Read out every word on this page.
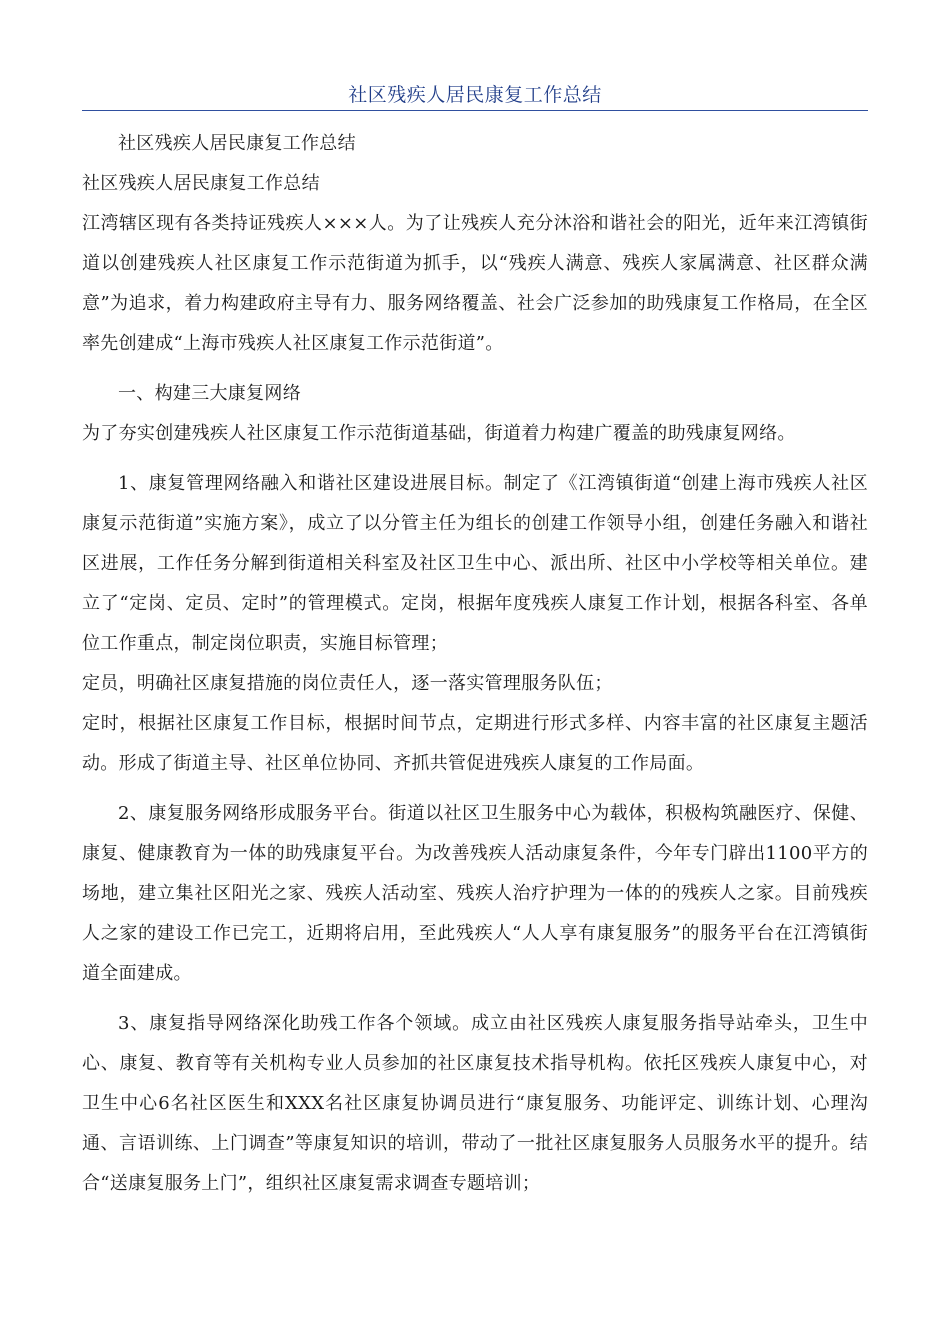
社区残疾人居民康复工作总结

社区残疾人居民康复工作总结

社区残疾人居民康复工作总结

江湾辖区现有各类持证残疾人×××人。为了让残疾人充分沐浴和谐社会的阳光，近年来江湾镇街道以创建残疾人社区康复工作示范街道为抓手，以“残疾人满意、残疾人家属满意、社区群众满意”为追求，着力构建政府主导有力、服务网络覆盖、社会广泛参加的助残康复工作格局，在全区率先创建成“上海市残疾人社区康复工作示范街道”。

一、构建三大康复网络

为了夯实创建残疾人社区康复工作示范街道基础，街道着力构建广覆盖的助残康复网络。

1、康复管理网络融入和谐社区建设进展目标。制定了《江湾镇街道“创建上海市残疾人社区康复示范街道”实施方案》，成立了以分管主任为组长的创建工作领导小组，创建任务融入和谐社区进展，工作任务分解到街道相关科室及社区卫生中心、派出所、社区中小学校等相关单位。建立了“定岗、定员、定时”的管理模式。定岗，根据年度残疾人康复工作计划，根据各科室、各单位工作重点，制定岗位职责，实施目标管理；

定员，明确社区康复措施的岗位责任人，逐一落实管理服务队伍；

定时，根据社区康复工作目标，根据时间节点，定期进行形式多样、内容丰富的社区康复主题活动。形成了街道主导、社区单位协同、齐抓共管促进残疾人康复的工作局面。

2、康复服务网络形成服务平台。街道以社区卫生服务中心为载体，积极构筑融医疗、保健、康复、健康教育为一体的助残康复平台。为改善残疾人活动康复条件，今年专门辟出1100平方的场地，建立集社区阳光之家、残疾人活动室、残疾人治疗护理为一体的的残疾人之家。目前残疾人之家的建设工作已完工，近期将启用，至此残疾人“人人享有康复服务”的服务平台在江湾镇街道全面建成。

3、康复指导网络深化助残工作各个领域。成立由社区残疾人康复服务指导站牵头，卫生中心、康复、教育等有关机构专业人员参加的社区康复技术指导机构。依托区残疾人康复中心，对卫生中心6名社区医生和XXX名社区康复协调员进行“康复服务、功能评定、训练计划、心理沟通、言语训练、上门调查”等康复知识的培训，带动了一批社区康复服务人员服务水平的提升。结合“送康复服务上门”，组织社区康复需求调查专题培训；
